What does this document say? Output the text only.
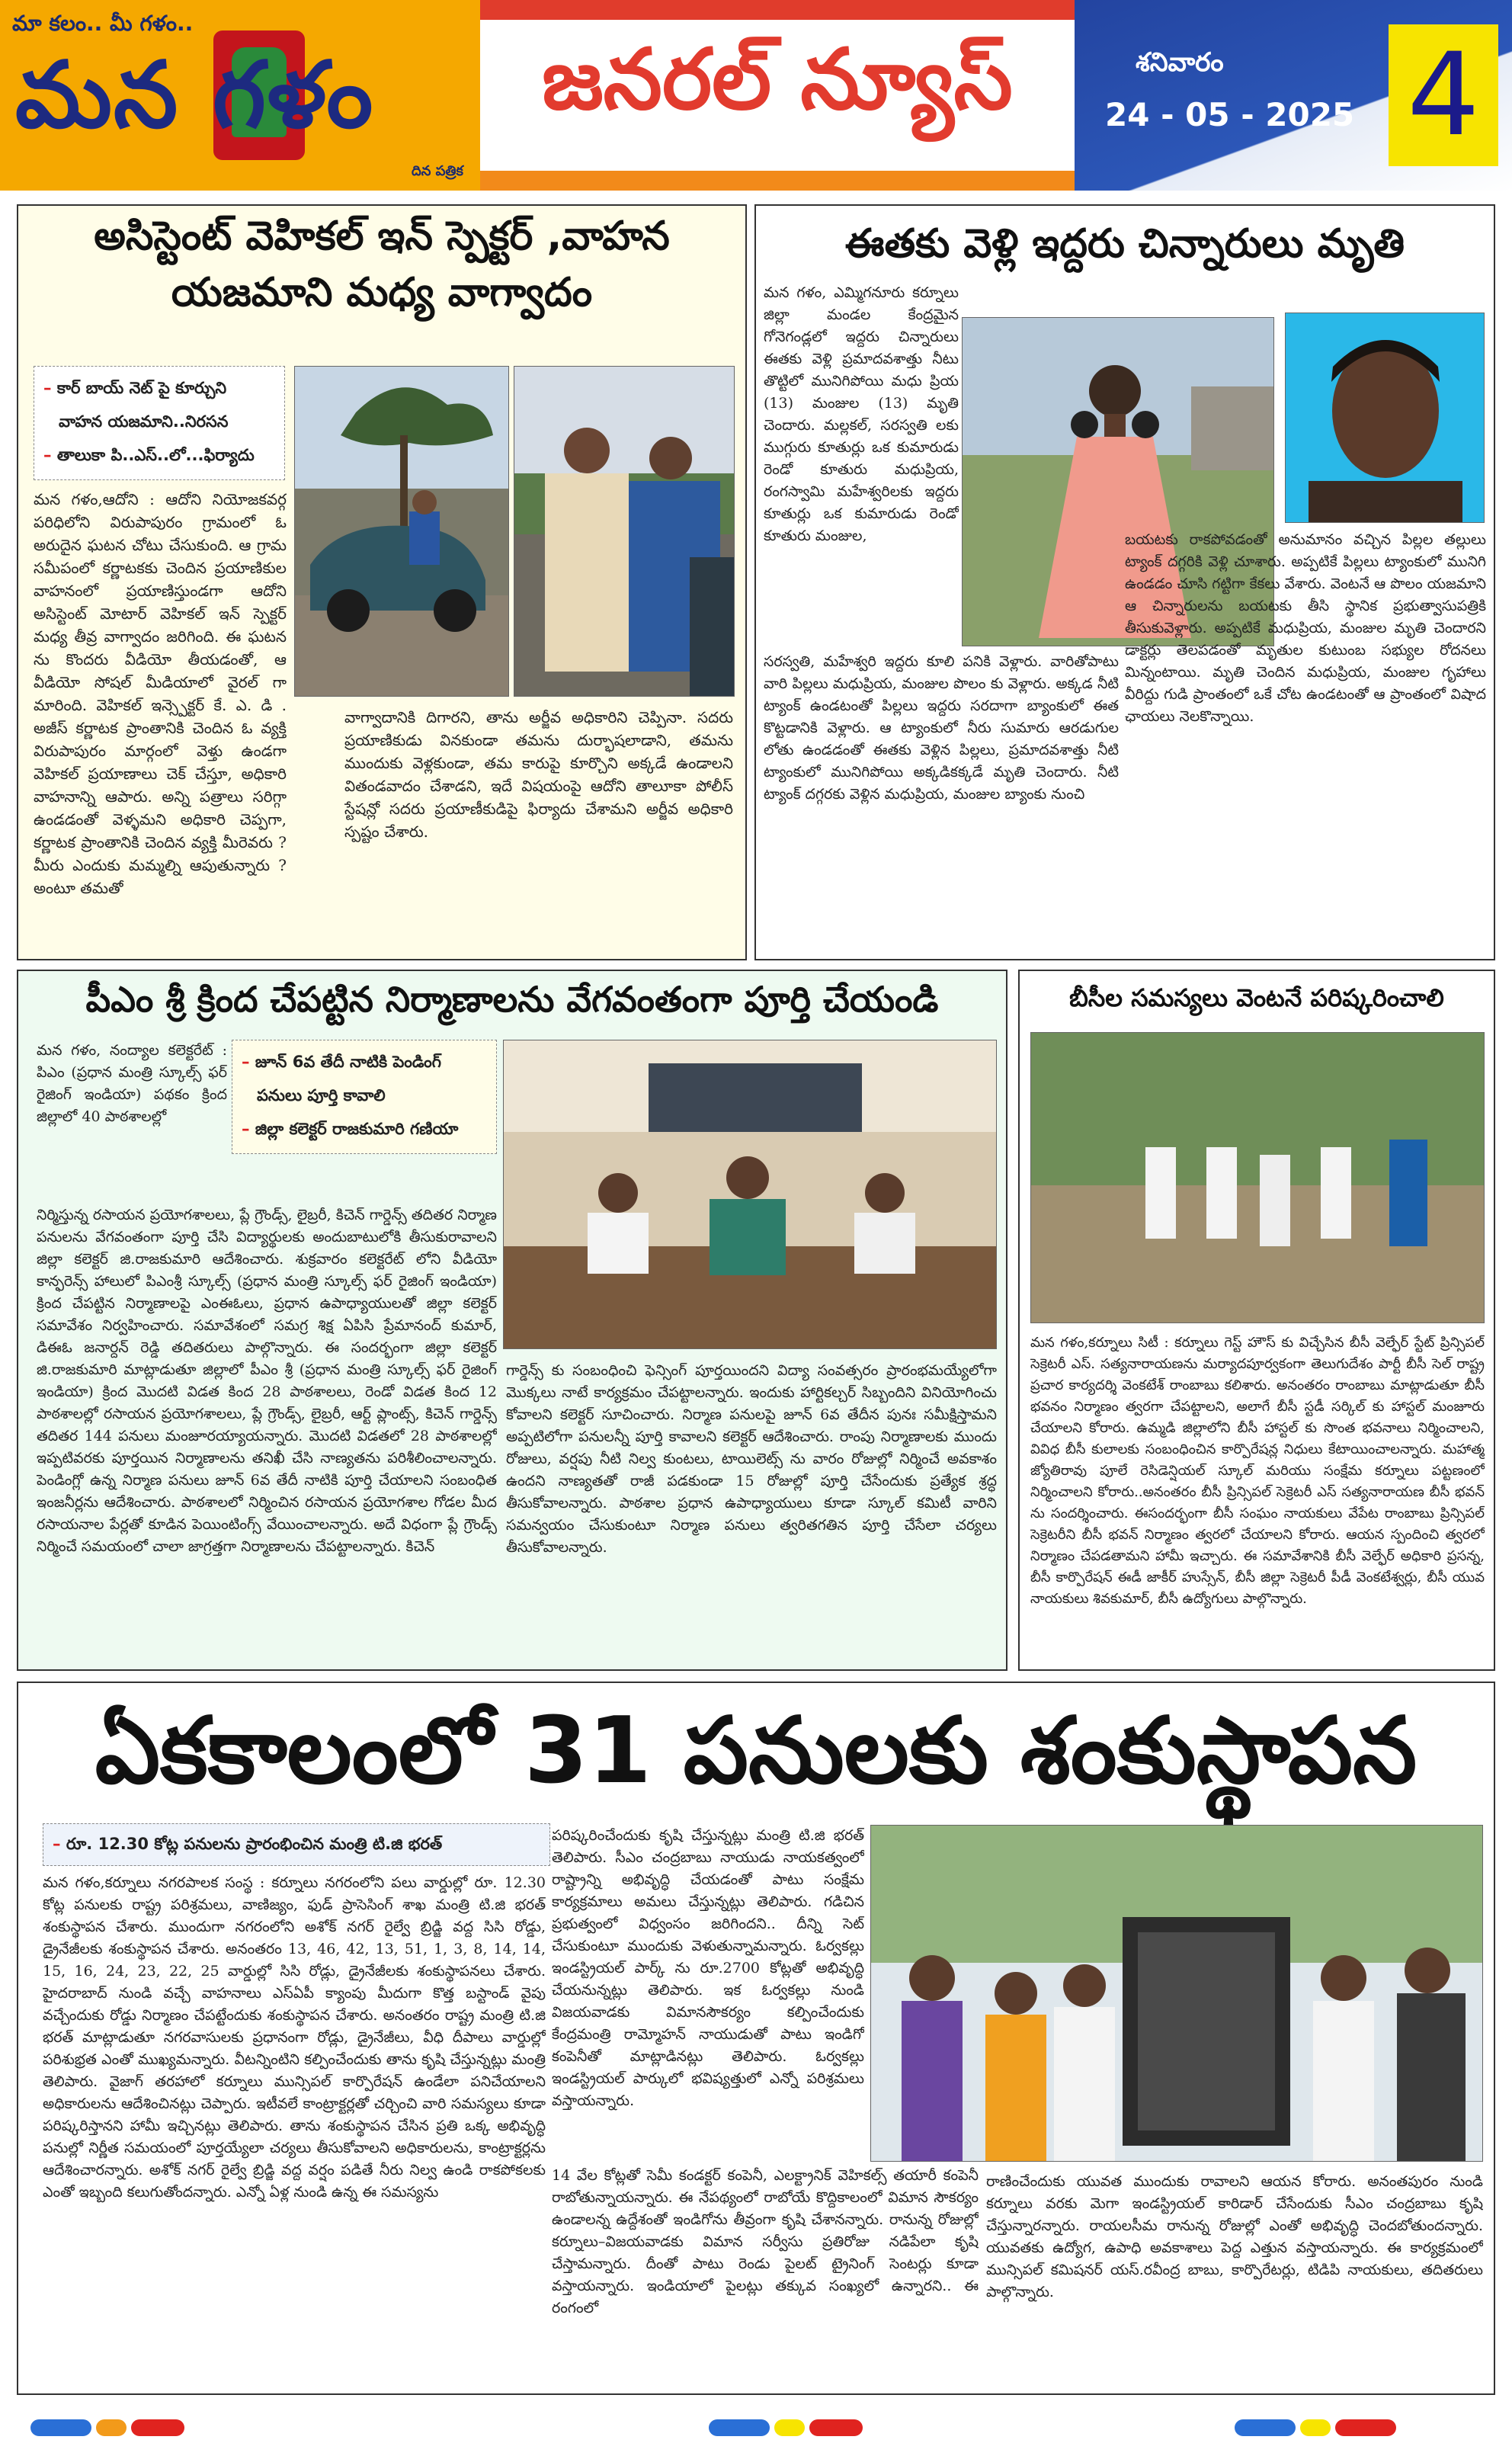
మా కలం.. మీ గళం..
మన గళం
దిన పత్రిక
జనరల్ న్యూస్	శనివారం
24 - 05 - 2025 4
అసిస్టెంట్ వెహికల్ ఇన్ స్పెక్టర్ ,వాహన
యజమాని మధ్య వాగ్వాదం
– కార్ బాయ్ నెట్ పై కూర్చుని
వాహన యజమాని..నిరసన
– తాలుకా పి..ఎస్..లో...ఫిర్యాదు
మన గళం,ఆదోని : ఆదోని నియోజకవర్గ పరిధిలోని విరుపాపురం గ్రామంలో ఓ అరుదైన ఘటన చోటు చేసుకుంది. ఆ గ్రామ సమీపంలో కర్ణాటకకు చెందిన ప్రయాణికుల వాహనంలో ప్రయాణిస్తుండగా ఆదోని అసిస్టెంట్ మోటార్ వెహికల్ ఇన్ స్పెక్టర్ మధ్య తీవ్ర వాగ్వాదం జరిగింది. ఈ ఘటన ను కొందరు వీడియో తీయడంతో, ఆ వీడియో సోషల్ మీడియాలో వైరల్ గా మారింది. వెహికల్ ఇన్స్పెక్టర్ కే. ఎ. డి . అజీస్ కర్ణాటక ప్రాంతానికి చెందిన ఓ వ్యక్తి విరుపాపురం మార్గంలో వెళ్తు ఉండగా వెహికల్ ప్రయాణాలు చెక్ చేస్తూ, అధికారి వాహనాన్ని ఆపారు. అన్ని పత్రాలు సరిగ్గా ఉండడంతో వెళ్ళమని అధికారి చెప్పగా, కర్ణాటక ప్రాంతానికి చెందిన వ్యక్తి మీరెవరు ? మీరు ఎందుకు మమ్మల్ని ఆపుతున్నారు ? అంటూ తమతో
వాగ్వాదానికి దిగారని, తాను అర్జీవ అధికారిని చెప్పినా. సదరు ప్రయాణికుడు వినకుండా తమను దుర్భాషలాడాని, తమను ముందుకు వెళ్లకుండా, తమ కారుపై కూర్చొని అక్కడే ఉండాలని వితండవాదం చేశాడని, ఇదే విషయంపై ఆదోని తాలూకా పోలీస్ స్టేషన్లో సదరు ప్రయాణీకుడిపై ఫిర్యాదు చేశామని అర్జీవ అధికారి స్పష్టం చేశారు.
ఈతకు వెళ్లి ఇద్దరు చిన్నారులు మృతి
మన గళం, ఎమ్మిగనూరు కర్నూలు జిల్లా మండల కేంద్రమైన గోనెగండ్లలో ఇద్దరు చిన్నారులు ఈతకు వెళ్లి ప్రమాదవశాత్తు నీటు తొట్టిలో మునిగిపోయి మధు ప్రియ (13) మంజుల (13) మృతి చెందారు. మల్లకల్, సరస్వతి లకు ముగ్గురు కూతుర్లు ఒక కుమారుడు రెండో కూతురు మధుప్రియ, రంగస్వామి మహేశ్వరిలకు ఇద్దరు కూతుర్లు ఒక కుమారుడు రెండో కూతురు మంజుల,
సరస్వతి, మహేశ్వరి ఇద్దరు కూలి పనికి వెళ్లారు. వారితోపాటు వారి పిల్లలు మధుప్రియ, మంజుల పొలం కు వెళ్లారు. అక్కడ నీటి ట్యాంక్ ఉండటంతో పిల్లలు ఇద్దరు సరదాగా బ్యాంకులో ఈత కొట్టడానికి వెళ్లారు. ఆ ట్యాంకులో నీరు సుమారు ఆరడుగుల లోతు ఉండడంతో ఈతకు వెళ్లిన పిల్లలు, ప్రమాదవశాత్తు నీటి ట్యాంకులో మునిగిపోయి అక్కడికక్కడే మృతి చెందారు. నీటి ట్యాంక్ దగ్గరకు వెళ్లిన మధుప్రియ, మంజుల బ్యాంకు నుంచి
బయటకు రాకపోవడంతో అనుమానం వచ్చిన పిల్లల తల్లులు ట్యాంక్ దగ్గరికి వెళ్లి చూశారు. అప్పటికే పిల్లలు ట్యాంకులో మునిగి ఉండడం చూసి గట్టిగా కేకలు వేశారు. వెంటనే ఆ పొలం యజమాని ఆ చిన్నారులను బయటకు తీసి స్థానిక ప్రభుత్వాసుపత్రికి తీసుకువెళ్లారు. అప్పటికే మధుప్రియ, మంజుల మృతి చెందారని డాక్టర్లు తెలపడంతో మృతుల కుటుంబ సభ్యుల రోదనలు మిన్నంటాయి. మృతి చెందిన మధుప్రియ, మంజుల గృహాలు వీరిద్దు గుడి ప్రాంతంలో ఒకే చోట ఉండటంతో ఆ ప్రాంతంలో విషాద ఛాయలు నెలకొన్నాయి.
పీఎం శ్రీ క్రింద చేపట్టిన నిర్మాణాలను వేగవంతంగా పూర్తి చేయండి
మన గళం, నంద్యాల కలెక్టరేట్ : పిఎం (ప్రధాన మంత్రి స్కూల్స్ ఫర్ రైజింగ్ ఇండియా) పథకం క్రింద జిల్లాలో 40 పాఠశాలల్లో
– జూన్ 6వ తేదీ నాటికి పెండింగ్
పనులు పూర్తి కావాలి
– జిల్లా కలెక్టర్ రాజకుమారి గణియా
నిర్మిస్తున్న రసాయన ప్రయోగశాలలు, ప్లే గ్రౌండ్స్, లైబ్రరీ, కిచెన్ గార్డెన్స్ తదితర నిర్మాణ పనులను వేగవంతంగా పూర్తి చేసి విద్యార్థులకు అందుబాటులోకి తీసుకురావాలని జిల్లా కలెక్టర్ జి.రాజకుమారి ఆదేశించారు. శుక్రవారం కలెక్టరేట్ లోని వీడియో కాన్ఫరెన్స్ హాలులో పిఎంశ్రీ స్కూల్స్ (ప్రధాన మంత్రి స్కూల్స్ ఫర్ రైజింగ్ ఇండియా) క్రింద చేపట్టిన నిర్మాణాలపై ఎంఈఓలు, ప్రధాన ఉపాధ్యాయులతో జిల్లా కలెక్టర్ సమావేశం నిర్వహించారు. సమావేశంలో సమగ్ర శిక్ష ఏపిసి ప్రేమానంద్ కుమార్, డిఈఓ జనార్దన్ రెడ్డి తదితరులు పాల్గొన్నారు. ఈ సందర్భంగా జిల్లా కలెక్టర్ జి.రాజకుమారి మాట్లాడుతూ జిల్లాలో పీఎం శ్రీ (ప్రధాన మంత్రి స్కూల్స్ ఫర్ రైజింగ్ ఇండియా) క్రింద మొదటి విడత కింద 28 పాఠశాలలు, రెండో విడత కింద 12 పాఠశాలల్లో రసాయన ప్రయోగశాలలు, ప్లే గ్రౌండ్స్, లైబ్రరీ, ఆర్ట్ ప్లాంట్స్, కిచెన్ గార్డెన్స్ తదితర 144 పనులు మంజూరయ్యాయన్నారు. మొదటి విడతలో 28 పాఠశాలల్లో ఇప్పటివరకు పూర్తయిన నిర్మాణాలను తనిఖీ చేసి నాణ్యతను పరిశీలించాలన్నారు. పెండింగ్లో ఉన్న నిర్మాణ పనులు జూన్ 6వ తేదీ నాటికి పూర్తి చేయాలని సంబంధిత ఇంజనీర్లను ఆదేశించారు. పాఠశాలలో నిర్మించిన రసాయన ప్రయోగశాల గోడల మీద రసాయనాల పేర్లతో కూడిన పెయింటింగ్స్ వేయించాలన్నారు. అదే విధంగా ప్లే గ్రౌండ్స్ నిర్మించే సమయంలో చాలా జాగ్రత్తగా నిర్మాణాలను చేపట్టాలన్నారు. కిచెన్
గార్డెన్స్ కు సంబంధించి ఫెన్సింగ్ పూర్తయిందని విద్యా సంవత్సరం ప్రారంభమయ్యేలోగా మొక్కలు నాటే కార్యక్రమం చేపట్టాలన్నారు. ఇందుకు హార్టికల్చర్ సిబ్బందిని వినియోగించు కోవాలని కలెక్టర్ సూచించారు. నిర్మాణ పనులపై జూన్ 6వ తేదీన పునః సమీక్షిస్తామని అప్పటిలోగా పనులన్నీ పూర్తి కావాలని కలెక్టర్ ఆదేశించారు. రాంపు నిర్మాణాలకు ముందు రోజులు, వర్షపు నీటి నిల్వ కుంటలు, టాయిలెట్స్ ను వారం రోజుల్లో నిర్మించే అవకాశం ఉందని నాణ్యతతో రాజీ పడకుండా 15 రోజుల్లో పూర్తి చేసేందుకు ప్రత్యేక శ్రద్ధ తీసుకోవాలన్నారు. పాఠశాల ప్రధాన ఉపాధ్యాయులు కూడా స్కూల్ కమిటీ వారిని సమన్వయం చేసుకుంటూ నిర్మాణ పనులు త్వరితగతిన పూర్తి చేసేలా చర్యలు తీసుకోవాలన్నారు.
బీసీల సమస్యలు వెంటనే పరిష్కరించాలి
మన గళం,కర్నూలు సిటీ : కర్నూలు గెస్ట్ హౌస్ కు విచ్చేసిన బీసీ వెల్ఫేర్ స్టేట్ ప్రిన్సిపల్ సెక్రెటరీ ఎస్. సత్యనారాయణను మర్యాదపూర్వకంగా తెలుగుదేశం పార్టీ బీసీ సెల్ రాష్ట్ర ప్రచార కార్యదర్శి వెంకటేశ్ రాంబాబు కలిశారు. అనంతరం రాంబాబు మాట్లాడుతూ బీసీ భవనం నిర్మాణం త్వరగా చేపట్టాలని, అలాగే బీసీ స్టడీ సర్కిల్ కు హాస్టల్ మంజూరు చేయాలని కోరారు. ఉమ్మడి జిల్లాలోని బీసీ హాస్టల్ కు సొంత భవనాలు నిర్మించాలని, వివిధ బీసీ కులాలకు సంబంధించిన కార్పొరేషన్ల నిధులు కేటాయించాలన్నారు. మహాత్మ జ్యోతిరావు పూలే రెసిడెన్షియల్ స్కూల్ మరియు సంక్షేమ కర్నూలు పట్టణంలో నిర్మించాలని కోరారు..అనంతరం బీసీ ప్రిన్సిపల్ సెక్రెటరీ ఎస్ సత్యనారాయణ బీసీ భవన్ ను సందర్శించారు. ఈసందర్భంగా బీసీ సంఘం నాయకులు వేపేట రాంబాబు ప్రిన్సిపల్ సెక్రెటరీని బీసీ భవన్ నిర్మాణం త్వరలో చేయాలని కోరారు. ఆయన స్పందించి త్వరలో నిర్మాణం చేపడతామని హామీ ఇచ్చారు. ఈ సమావేశానికి బీసీ వెల్ఫేర్ అధికారి ప్రసన్న, బీసీ కార్పొరేషన్ ఈడీ జాకీర్ హుస్సేన్, బీసీ జిల్లా సెక్రెటరీ పీడీ వెంకటేశ్వర్లు, బీసీ యువ నాయకులు శివకుమార్, బీసీ ఉద్యోగులు పాల్గొన్నారు.
ఏకకాలంలో 31 పనులకు శంకుస్థాపన
– రూ. 12.30 కోట్ల పనులను ప్రారంభించిన మంత్రి టి.జి భరత్
మన గళం,కర్నూలు నగరపాలక సంస్థ : కర్నూలు నగరంలోని పలు వార్డుల్లో రూ. 12.30 కోట్ల పనులకు రాష్ట్ర పరిశ్రమలు, వాణిజ్యం, ఫుడ్ ప్రాసెసింగ్ శాఖ మంత్రి టి.జి భరత్ శంకుస్థాపన చేశారు. ముందుగా నగరంలోని అశోక్ నగర్ రైల్వే బ్రిడ్జి వద్ద సిసి రోడ్డు, డ్రైనేజీలకు శంకుస్థాపన చేశారు. అనంతరం 13, 46, 42, 13, 51, 1, 3, 8, 14, 14, 15, 16, 24, 23, 22, 25 వార్డుల్లో సిసి రోడ్లు, డ్రైనేజీలకు శంకుస్థాపనలు చేశారు. హైదరాబాద్ నుండి వచ్చే వాహనాలు ఎస్ఏపీ క్యాంపు మీదుగా కొత్త బస్టాండ్ వైపు వచ్చేందుకు రోడ్డు నిర్మాణం చేపట్టేందుకు శంకుస్థాపన చేశారు. అనంతరం రాష్ట్ర మంత్రి టి.జి భరత్ మాట్లాడుతూ నగరవాసులకు ప్రధానంగా రోడ్లు, డ్రైనేజీలు, వీధి దీపాలు వార్డుల్లో పరిశుభ్రత ఎంతో ముఖ్యమన్నారు. వీటన్నింటిని కల్పించేందుకు తాను కృషి చేస్తున్నట్లు మంత్రి తెలిపారు. వైజాగ్ తరహాలో కర్నూలు మున్సిపల్ కార్పొరేషన్ ఉండేలా పనిచేయాలని అధికారులను ఆదేశించినట్లు చెప్పారు. ఇటీవలే కాంట్రాక్టర్లతో చర్చించి వారి సమస్యలు కూడా పరిష్కరిస్తానని హామీ ఇచ్చినట్లు తెలిపారు. తాను శంకుస్థాపన చేసిన ప్రతి ఒక్క అభివృద్ధి పనుల్లో నిర్ణీత సమయంలో పూర్తయ్యేలా చర్యలు తీసుకోవాలని అధికారులను, కాంట్రాక్టర్లను ఆదేశించారన్నారు. అశోక్ నగర్ రైల్వే బ్రిడ్జి వద్ద వర్షం పడితే నీరు నిల్వ ఉండి రాకపోకలకు ఎంతో ఇబ్బంది కలుగుతోందన్నారు. ఎన్నో ఏళ్ల నుండి ఉన్న ఈ సమస్యను
పరిష్కరించేందుకు కృషి చేస్తున్నట్లు మంత్రి టి.జి భరత్ తెలిపారు. సీఎం చంద్రబాబు నాయుడు నాయకత్వంలో రాష్ట్రాన్ని అభివృద్ధి చేయడంతో పాటు సంక్షేమ కార్యక్రమాలు అమలు చేస్తున్నట్లు తెలిపారు. గడిచిన ప్రభుత్వంలో విధ్వంసం జరిగిందని.. దీన్ని సెట్ చేసుకుంటూ ముందుకు వెళుతున్నామన్నారు. ఓర్వకల్లు ఇండస్ట్రియల్ పార్క్ ను రూ.2700 కోట్లతో అభివృద్ధి చేయనున్నట్లు తెలిపారు. ఇక ఓర్వకల్లు నుండి విజయవాడకు విమానసౌకర్యం కల్పించేందుకు కేంద్రమంత్రి రామ్మోహన్ నాయుడుతో పాటు ఇండిగో కంపెనీతో మాట్లాడినట్లు తెలిపారు. ఓర్వకల్లు ఇండస్ట్రియల్ పార్కులో భవిష్యత్తులో ఎన్నో పరిశ్రమలు వస్తాయన్నారు.
14 వేల కోట్లతో సెమీ కండక్టర్ కంపెనీ, ఎలక్ట్రానిక్ వెహికల్స్ తయారీ కంపెనీ రాబోతున్నాయన్నారు. ఈ నేపథ్యంలో రాబోయే కొద్దికాలంలో విమాన సౌకర్యం ఉండాలన్న ఉద్దేశంతో ఇండిగోను తీవ్రంగా కృషి చేశానన్నారు. రానున్న రోజుల్లో కర్నూలు–విజయవాడకు విమాన సర్వీసు ప్రతిరోజు నడిపేలా కృషి చేస్తామన్నారు. దీంతో పాటు రెండు పైలట్ ట్రైనింగ్ సెంటర్లు కూడా వస్తాయన్నారు. ఇండియాలో పైలట్లు తక్కువ సంఖ్యలో ఉన్నారని.. ఈ రంగంలో
రాణించేందుకు యువత ముందుకు రావాలని ఆయన కోరారు. అనంతపురం నుండి కర్నూలు వరకు మెగా ఇండస్ట్రియల్ కారిడార్ చేసేందుకు సీఎం చంద్రబాబు కృషి చేస్తున్నారన్నారు. రాయలసీమ రానున్న రోజుల్లో ఎంతో అభివృద్ధి చెందబోతుందన్నారు. యువతకు ఉద్యోగ, ఉపాధి అవకాశాలు పెద్ద ఎత్తున వస్తాయన్నారు. ఈ కార్యక్రమంలో మున్సిపల్ కమిషనర్ యస్.రవీంద్ర బాబు, కార్పొరేటర్లు, టిడిపి నాయకులు, తదితరులు పాల్గొన్నారు.
